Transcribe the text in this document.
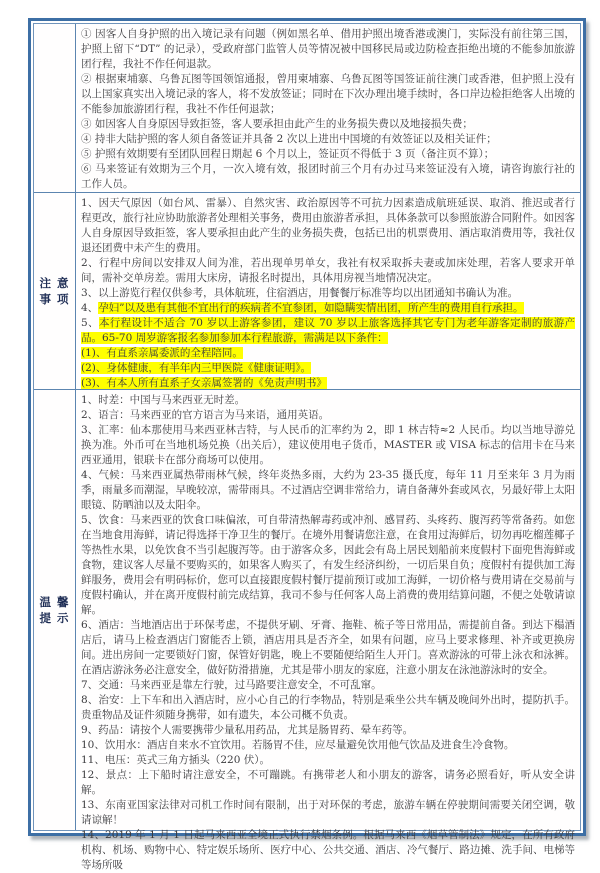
① 因客人自身护照的出入境记录有问题（例如黑名单、借用护照出境香港或澳门，实际没有前往第三国，护照上留下“DT” 的记录），受政府部门监管人员等情况被中国移民局或边防检查拒绝出境的不能参加旅游团行程，我社不作任何退款。

② 根据柬埔寨、乌鲁瓦图等国领馆通报，曾用柬埔寨、乌鲁瓦图等国签证前往澳门或香港，但护照上没有以上国家真实出入境记录的客人，将不发放签证；同时在下次办理出境手续时，各口岸边检拒绝客人出境的不能参加旅游团行程，我社不作任何退款；

③ 如因客人自身原因导致拒签，客人要承担由此产生的业务损失费以及地接损失费；

④ 持非大陆护照的客人须自备签证并具备 2 次以上进出中国境的有效签证以及相关证件；

⑤ 护照有效期要有至团队回程日期起 6 个月以上，签证页不得低于 3 页（备注页不算）；

⑥ 马来签证有效期为三个月，一次入境有效，报团时前三个月有办过马来签证没有入境，请咨询旅行社的工作人员。

注 意
事 项

1、因天气原因（如台风、雷暴）、自然灾害、政治原因等不可抗力因素造成航班延误、取消、推迟或者行程更改，旅行社应协助旅游者处理相关事务，费用由旅游者承担，具体条款可以参照旅游合同附件。如因客人自身原因导致拒签，客人要承担由此产生的业务损失费，包括已出的机票费用、酒店取消费用等，我社仅退还团费中未产生的费用。

2、行程中房间以安排双人间为准，若出现单男单女，我社有权采取拆夫妻或加床处理，若客人要求开单间，需补交单房差。需用大床房，请报名时提出，具体用房视当地情况决定。

3、以上游览行程仅供参考，具体航班，住宿酒店，用餐餐厅标准等均以出团通知书确认为准。

4、孕妇”以及患有其他不宜出行的疾病者不宜参团，如隐瞒实情出团，所产生的费用自行承担。

5、本行程设计不适合 70 岁以上游客参团，建议 70 岁以上旅客选择其它专门为老年游客定制的旅游产品。65-70 周岁游客报名参加参加本行程旅游，需满足以下条件：

(1)、有直系亲属委派的全程陪同。

(2)、身体健康，有半年内三甲医院《健康证明》。

(3)、有本人所有直系子女亲属签署的《免责声明书》

温 馨
提 示

1、时差：中国与马来西亚无时差。

2、语言：马来西亚的官方语言为马来语，通用英语。

3、汇率：仙本那使用马来西亚林吉特，与人民币的汇率约为 2，即 1 林吉特≈2 人民币。均以当地导游兑换为准。外币可在当地机场兑换（出关后），建议使用电子货币，MASTER 或 VISA 标志的信用卡在马来西亚通用，银联卡在部分商场可以使用。

4、气候：马来西亚属热带雨林气候，终年炎热多雨，大约为 23-35 摄氏度，每年 11 月至来年 3 月为雨季，雨量多而潮湿，早晚较凉，需带雨具。不过酒店空调非常给力，请自备薄外套或风衣，另最好带上太阳眼镜、防晒油以及太阳伞。

5、饮食：马来西亚的饮食口味偏浓，可自带清热解毒药或冲剂、感冒药、头疼药、腹泻药等常备药。如您在当地食用海鲜，请记得选择干净卫生的餐厅。在境外用餐请您注意，在食用过海鲜后，切勿再吃榴莲椰子等热性水果，以免饮食不当引起腹泻等。由于游客众多，因此会有岛上居民划船前来度假村下面兜售海鲜或食物，建议客人尽量不要购买的，如果客人购买了，有发生经济纠纷，一切后果自负；度假村有提供加工海鲜服务，费用会有明码标价，您可以直接跟度假村餐厅提前预订或加工海鲜，一切价格与费用请在交易前与度假村确认，并在离开度假村前完成结算，我司不参与任何客人岛上消费的费用结算问题，不便之处敬请谅解。

6、酒店：当地酒店出于环保考虑，不提供牙刷、牙膏、拖鞋、梳子等日常用品，需提前自备。到达下榻酒店后，请马上检查酒店门窗能否上锁，酒店用具是否齐全，如果有问题，应马上要求修理、补齐或更换房间。进出房间一定要锁好门窗，保管好钥匙，晚上不要随便给陌生人开门。喜欢游泳的可带上泳衣和泳裤。在酒店游泳务必注意安全，做好防滑措施，尤其是带小朋友的家庭，注意小朋友在泳池游泳时的安全。

7、交通：马来西亚是靠左行驶，过马路要注意安全，不可乱窜。

8、治安：上下车和出入酒店时，应小心自己的行李物品，特别是乘坐公共车辆及晚间外出时，提防扒手。贵重物品及证件须随身携带，如有遗失，本公司概不负责。

9、药品：请按个人需要携带少量私用药品，尤其是肠胃药、晕车药等。

10、饮用水：酒店自来水不宜饮用。若肠胃不佳，应尽量避免饮用他气饮品及进食生冷食物。

11、电压：英式三角方插头（220 伏）。

12、景点：上下船时请注意安全，不可蹦跳。有携带老人和小朋友的游客，请务必照看好，听从安全讲解。

13、东南亚国家法律对司机工作时间有限制，出于对环保的考虑，旅游车辆在停驶期间需要关闭空调，敬请谅解！

14、2019 年 1 月 1 日起马来西亚全境正式执行禁烟条例。根据马来西《烟草管制法》规定，在所有政府机构、机场、购物中心、特定娱乐场所、医疗中心、公共交通、酒店、冷气餐厅、路边摊、洗手间、电梯等等场所吸
